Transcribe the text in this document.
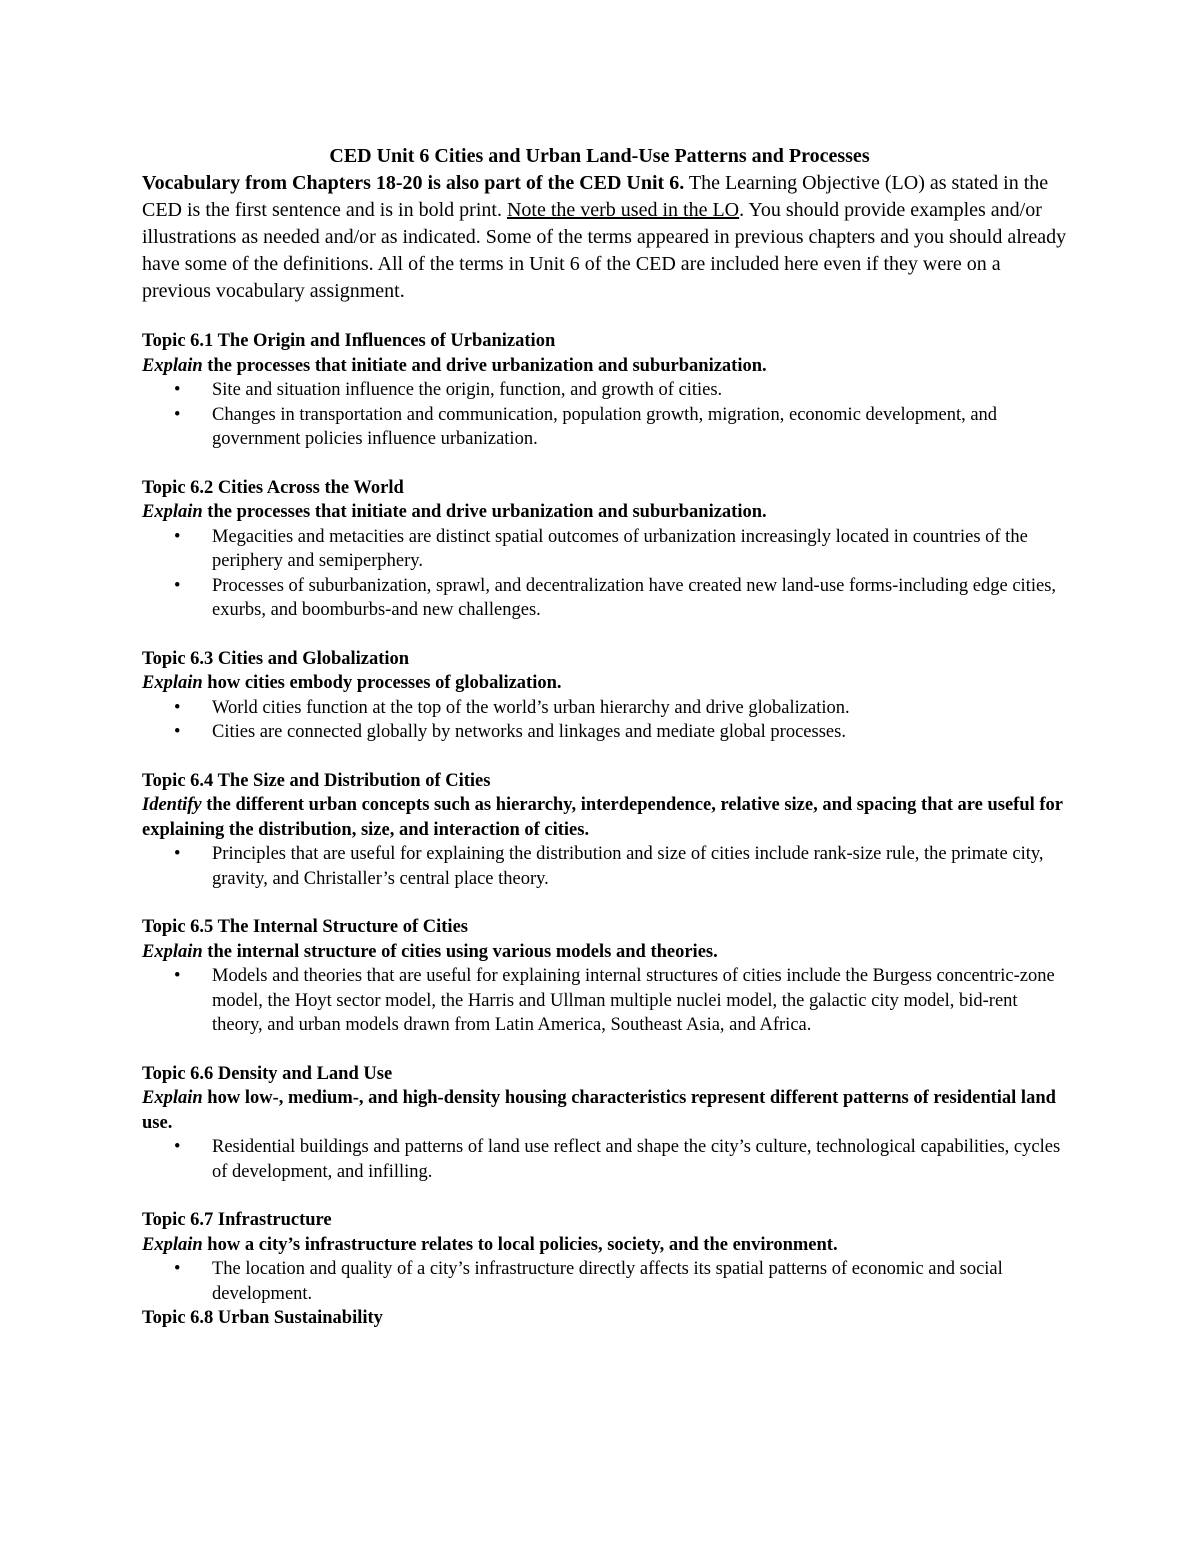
CED Unit 6 Cities and Urban Land-Use Patterns and Processes

Vocabulary from Chapters 18-20 is also part of the CED Unit 6. The Learning Objective (LO) as stated in the CED is the first sentence and is in bold print. Note the verb used in the LO. You should provide examples and/or illustrations as needed and/or as indicated. Some of the terms appeared in previous chapters and you should already have some of the definitions. All of the terms in Unit 6 of the CED are included here even if they were on a previous vocabulary assignment.

Topic 6.1 The Origin and Influences of Urbanization
Explain the processes that initiate and drive urbanization and suburbanization.
• Site and situation influence the origin, function, and growth of cities.
• Changes in transportation and communication, population growth, migration, economic development, and government policies influence urbanization.
Topic 6.2 Cities Across the World
Explain the processes that initiate and drive urbanization and suburbanization.
• Megacities and metacities are distinct spatial outcomes of urbanization increasingly located in countries of the periphery and semiperphery.
• Processes of suburbanization, sprawl, and decentralization have created new land-use forms-including edge cities, exurbs, and boomburbs-and new challenges.
Topic 6.3 Cities and Globalization
Explain how cities embody processes of globalization.
• World cities function at the top of the world’s urban hierarchy and drive globalization.
• Cities are connected globally by networks and linkages and mediate global processes.
Topic 6.4 The Size and Distribution of Cities
Identify the different urban concepts such as hierarchy, interdependence, relative size, and spacing that are useful for explaining the distribution, size, and interaction of cities.
• Principles that are useful for explaining the distribution and size of cities include rank-size rule, the primate city, gravity, and Christaller’s central place theory.
Topic 6.5 The Internal Structure of Cities
Explain the internal structure of cities using various models and theories.
• Models and theories that are useful for explaining internal structures of cities include the Burgess concentric-zone model, the Hoyt sector model, the Harris and Ullman multiple nuclei model, the galactic city model, bid-rent theory, and urban models drawn from Latin America, Southeast Asia, and Africa.
Topic 6.6 Density and Land Use
Explain how low-, medium-, and high-density housing characteristics represent different patterns of residential land use.
• Residential buildings and patterns of land use reflect and shape the city’s culture, technological capabilities, cycles of development, and infilling.
Topic 6.7 Infrastructure
Explain how a city’s infrastructure relates to local policies, society, and the environment.
• The location and quality of a city’s infrastructure directly affects its spatial patterns of economic and social development.
Topic 6.8 Urban Sustainability
